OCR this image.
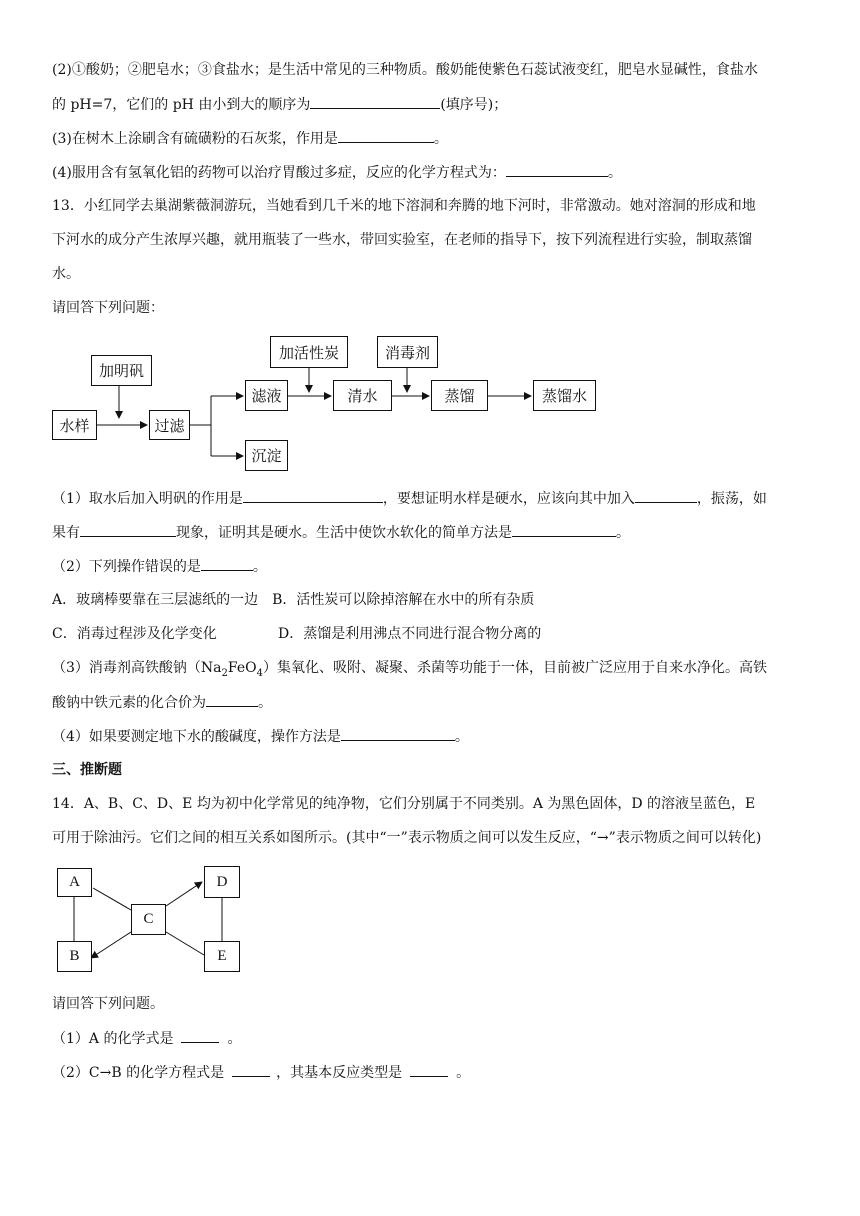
(2)①酸奶；②肥皂水；③食盐水；是生活中常见的三种物质。酸奶能使紫色石蕊试液变红，肥皂水显碱性，食盐水
的 pH=7，它们的 pH 由小到大的顺序为	(填序号)；
(3)在树木上涂刷含有硫磺粉的石灰浆，作用是	。
(4)服用含有氢氧化铝的药物可以治疗胃酸过多症，反应的化学方程式为：	。
13．小红同学去巢湖紫薇洞游玩，当她看到几千米的地下溶洞和奔腾的地下河时，非常激动。她对溶洞的形成和地
下河水的成分产生浓厚兴趣，就用瓶装了一些水，带回实验室，在老师的指导下，按下列流程进行实验，制取蒸馏
水。
请回答下列问题：
加明矾
水样	过滤
滤液
沉淀
加活性炭
清水
消毒剂
蒸馏	蒸馏水
（1）取水后加入明矾的作用是	，要想证明水样是硬水，应该向其中加入	，振荡，如
果有	现象，证明其是硬水。生活中使饮水软化的简单方法是	。
（2）下列操作错误的是	。
A．玻璃棒要靠在三层滤纸的一边 B．活性炭可以除掉溶解在水中的所有杂质
C．消毒过程涉及化学变化	D．蒸馏是利用沸点不同进行混合物分离的
（3）消毒剂高铁酸钠$(Na_2FeO_4)$集氧化、吸附、凝聚、杀菌等功能于一体，目前被广泛应用于自来水净化。高铁
酸钠中铁元素的化合价为	。
（4）如果要测定地下水的酸碱度，操作方法是	。
三、推断题
14．A、B、C、D、E 均为初中化学常见的纯净物，它们分别属于不同类别。A 为黑色固体，D 的溶液呈蓝色，E
可用于除油污。它们之间的相互关系如图所示。(其中“一”表示物质之间可以发生反应，“→”表示物质之间可以转化)
A
B
C
D
E
请回答下列问题。
（1）A 的化学式是	。
（2）C→B 的化学方程式是	，其基本反应类型是	。
